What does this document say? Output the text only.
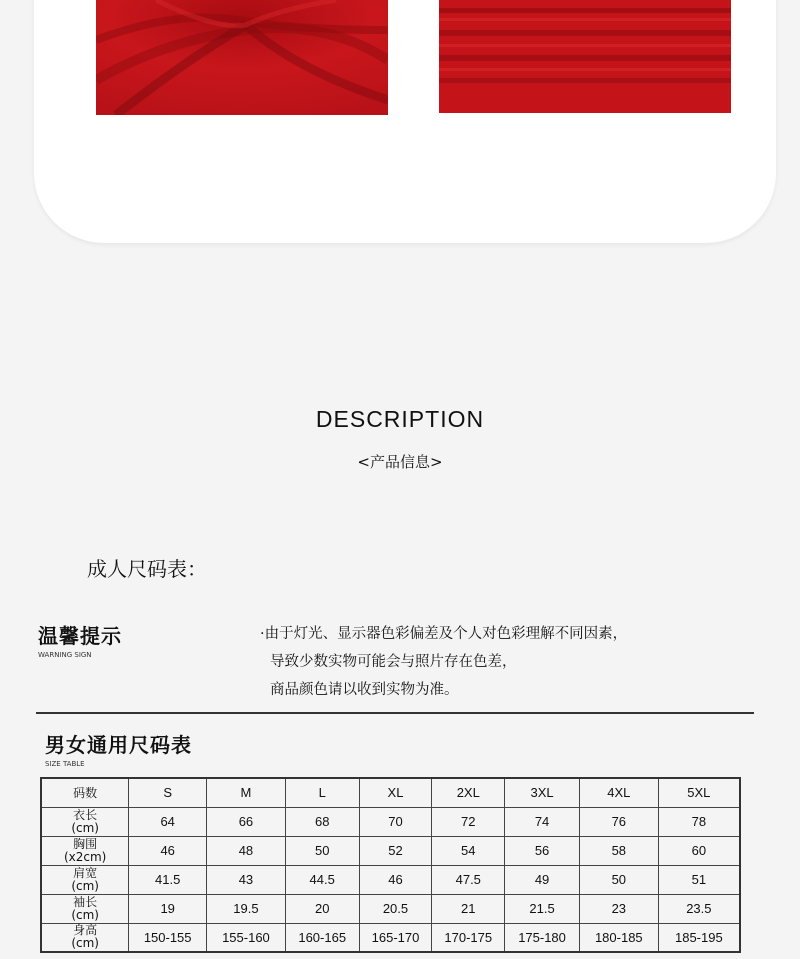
DESCRIPTION
<产品信息>
成人尺码表：
温馨提示
WARNING SIGN
·由于灯光、显示器色彩偏差及个人对色彩理解不同因素，
导致少数实物可能会与照片存在色差，
商品颜色请以收到实物为准。
男女通用尺码表
SIZE TABLE
码数	S	M	L	XL	2XL	3XL	4XL	5XL
衣长
(cm)	64	66	68	70	72	74	76	78
胸围
(x2cm)	46	48	50	52	54	56	58	60
肩宽
(cm)	41.5	43	44.5	46	47.5	49	50	51
袖长
(cm)	19	19.5	20	20.5	21	21.5	23	23.5
身高
(cm)	150-155	155-160	160-165	165-170	170-175	175-180	180-185	185-195
